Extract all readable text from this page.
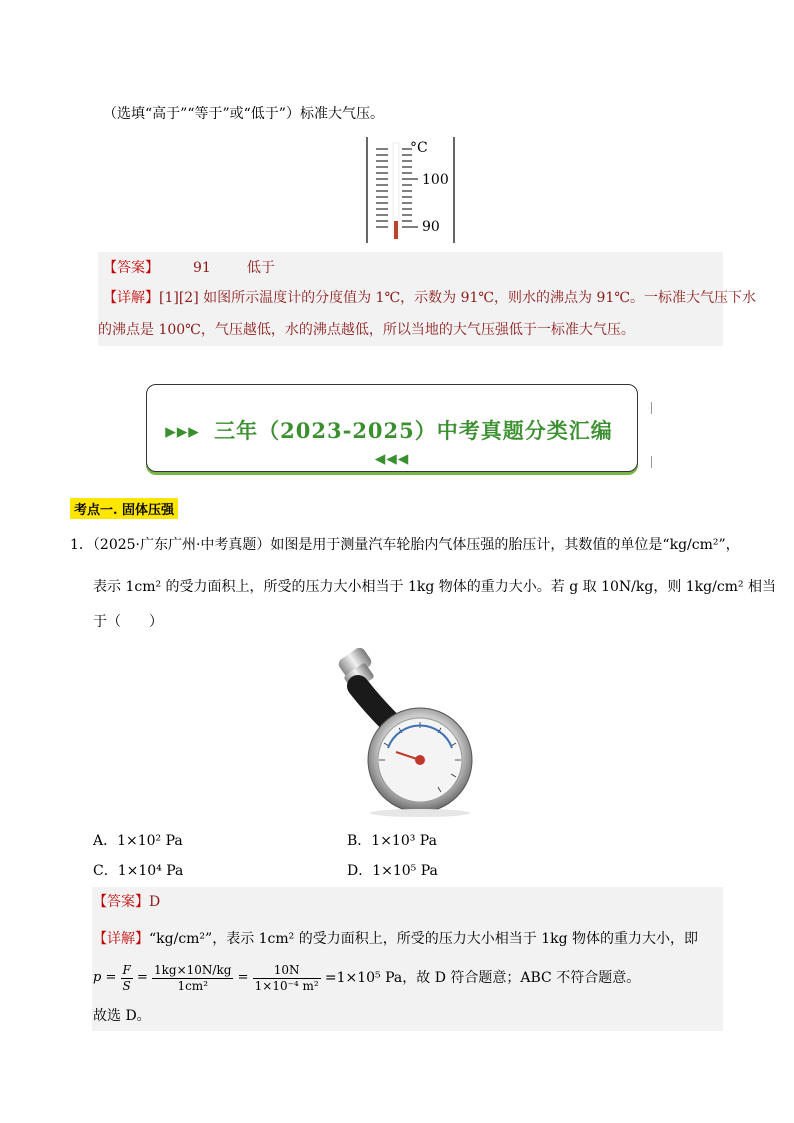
（选填“高于”“等于”或“低于”）标准大气压。
°C
100
90
【答案】 91	低于
【详解】[1][2] 如图所示温度计的分度值为 1℃，示数为 91℃，则水的沸点为 91℃。一标准大气压下水
的沸点是 100℃，气压越低，水的沸点越低，所以当地的大气压强低于一标准大气压。
▸▸▸ 三年（2023-2025）中考真题分类汇编 ◂◂◂
考点一. 固体压强
1．（2025·广东广州·中考真题）如图是用于测量汽车轮胎内气体压强的胎压计，其数值的单位是“kg/cm²”，
表示 1cm² 的受力面积上，所受的压力大小相当于 1kg 物体的重力大小。若 g 取 10N/kg，则 1kg/cm² 相当
于（　　）
A．1×10² Pa	B．1×10³ Pa
C．1×10⁴ Pa	D．1×10⁵ Pa
【答案】D
【详解】“kg/cm²”，表示 1cm² 的受力面积上，所受的压力大小相当于 1kg 物体的重力大小，即
$p = \frac{F}{S} = \frac{1kg\times 10N/kg}{\text{1cm²}} = \frac{10N}{\text{1×10⁻⁴ m²}} =1\times 10^5$ Pa，故 D 符合题意；ABC 不符合题意。
故选 D。
